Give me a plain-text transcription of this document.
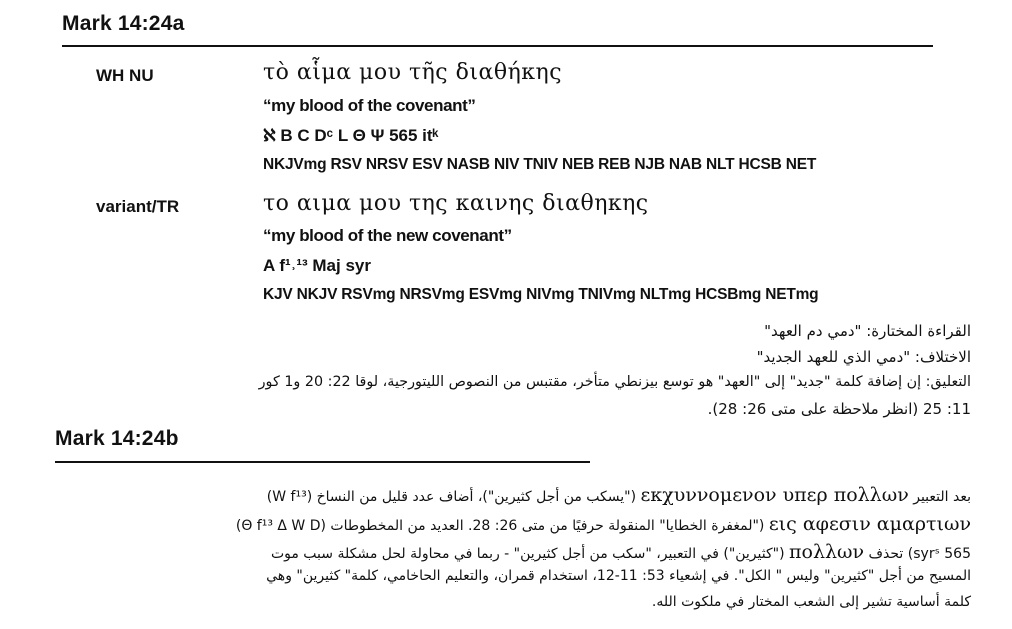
Mark 14:24a
WH NU	τὸ αἷμα μου τῆς διαθήκης
“my blood of the covenant”
ℵ B C Dᶜ L Θ Ψ 565 itᵏ
NKJVmg RSV NRSV ESV NASB NIV TNIV NEB REB NJB NAB NLT HCSB NET
variant/TR	το αιμα μου της καινης διαθηκης
“my blood of the new covenant”
A f¹˒¹³ Maj syr
KJV NKJV RSVmg NRSVmg ESVmg NIVmg TNIVmg NLTmg HCSBmg NETmg
القراءة المختارة: "دمي دم العهد"
الاختلاف: "دمي الذي للعهد الجديد"
التعليق: إن إضافة كلمة "جديد" إلى "العهد" هو توسع بيزنطي متأخر، مقتبس من النصوص الليتورجية، لوقا 22: 20 و1 كور
11: 25 (انظر ملاحظة على متى 26: 28).
Mark 14:24b
بعد التعبير εκχυννομενον υπερ πολλων ("يسكب من أجل كثيرين")، أضاف عدد قليل من النساخ (W f¹³)
εις αφεσιν αμαρτιων ("لمغفرة الخطايا" المنقولة حرفيًا من متى 26: 28. العديد من المخطوطات (Θ f¹³ Δ W D)
565 syrˢ) تحذف πολλων ("كثيرين") في التعبير، "سكب من أجل كثيرين" - ربما في محاولة لحل مشكلة سبب موت
المسيح من أجل "كثيرين" وليس " الكل". في إشعياء 53: 11-12، استخدام قمران، والتعليم الحاخامي، كلمة" كثيرين" وهي
كلمة أساسية تشير إلى الشعب المختار في ملكوت الله.
